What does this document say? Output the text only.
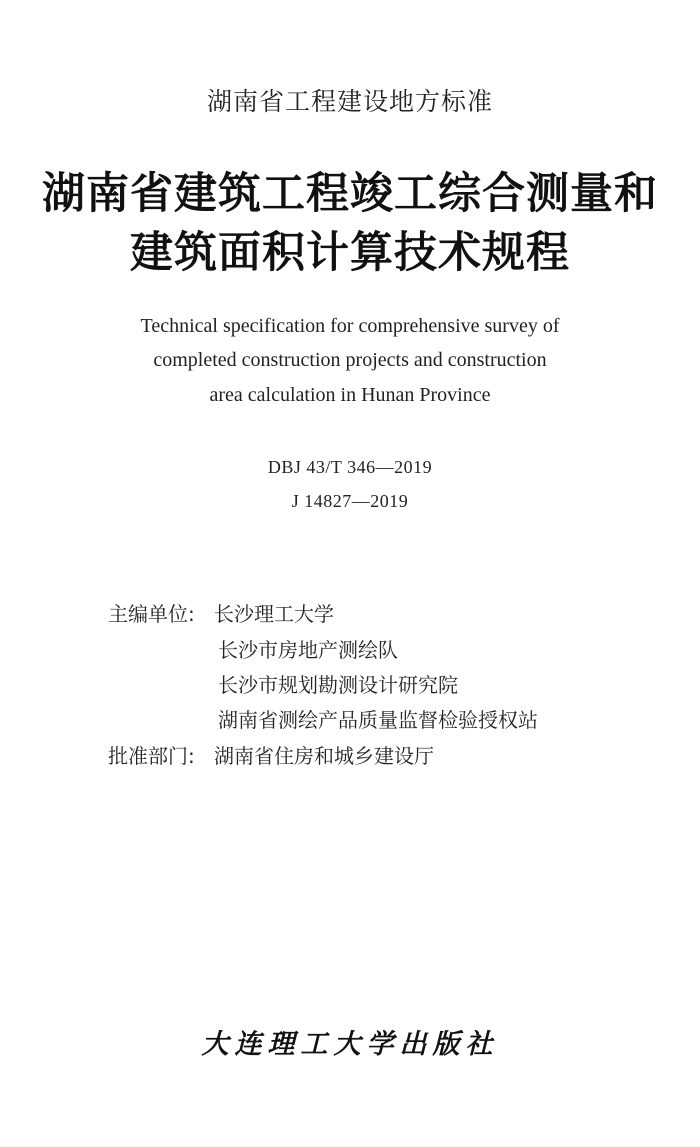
湖南省工程建设地方标准
湖南省建筑工程竣工综合测量和
建筑面积计算技术规程
Technical specification for comprehensive survey of
completed construction projects and construction
area calculation in Hunan Province
DBJ 43/T 346—2019
J 14827—2019
主编单位: 长沙理工大学
长沙市房地产测绘队
长沙市规划勘测设计研究院
湖南省测绘产品质量监督检验授权站
批准部门: 湖南省住房和城乡建设厅
大连理工大学出版社
